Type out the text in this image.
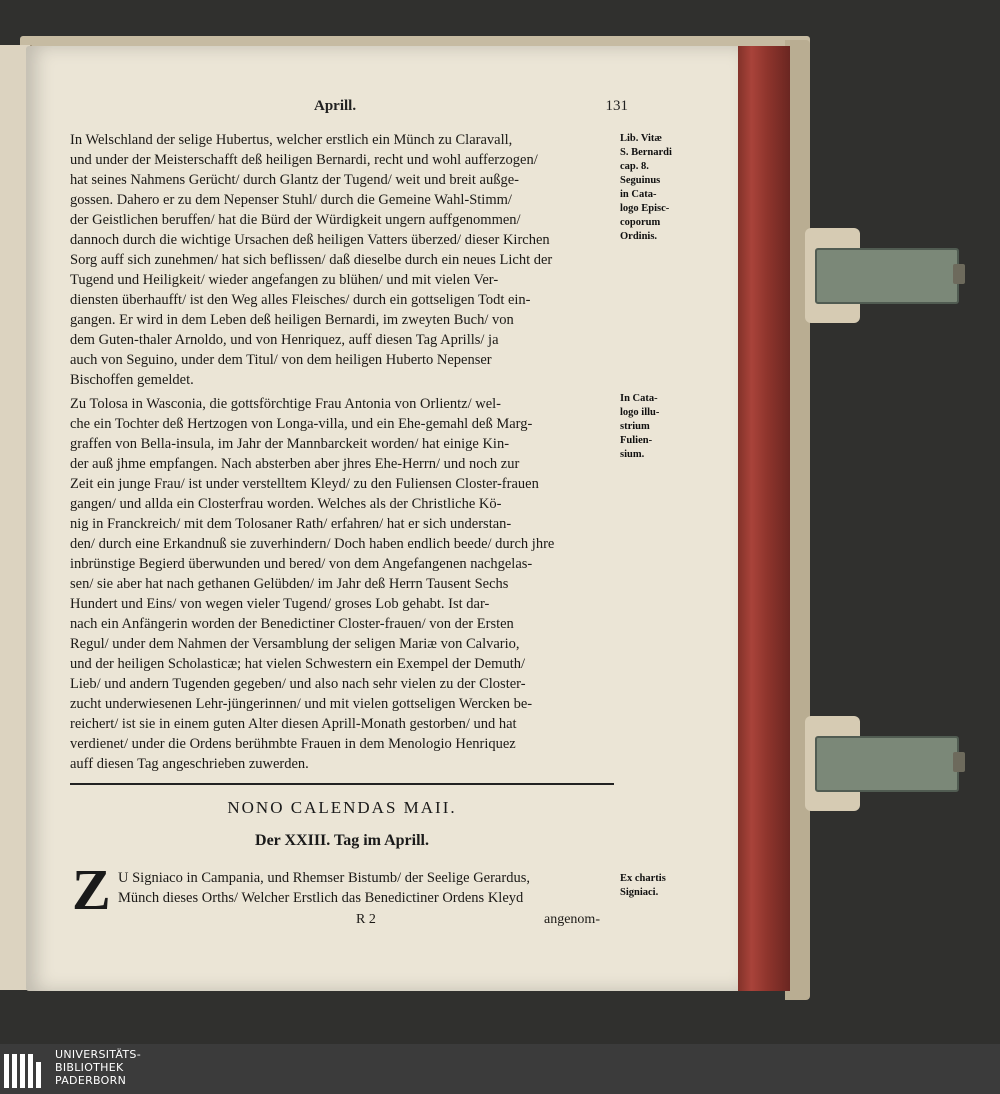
Aprill.	131
In Welschland der selige Hubertus, welcher erstlich ein Münch zu Claravall,
und under der Meisterschafft deß heiligen Bernardi, recht und wohl aufferzogen/
hat seines Nahmens Gerücht/ durch Glantz der Tugend/ weit und breit außge-
gossen. Dahero er zu dem Nepenser Stuhl/ durch die Gemeine Wahl-Stimm/
der Geistlichen beruffen/ hat die Bürd der Würdigkeit ungern auffgenommen/
dannoch durch die wichtige Ursachen deß heiligen Vatters überzed/ dieser Kirchen
Sorg auff sich zunehmen/ hat sich beflissen/ daß dieselbe durch ein neues Licht der
Tugend und Heiligkeit/ wieder angefangen zu blühen/ und mit vielen Ver-
diensten überhaufft/ ist den Weg alles Fleisches/ durch ein gottseligen Todt ein-
gangen. Er wird in dem Leben deß heiligen Bernardi, im zweyten Buch/ von
dem Guten-thaler Arnoldo, und von Henriquez, auff diesen Tag Aprills/ ja
auch von Seguino, under dem Titul/ von dem heiligen Huberto Nepenser
Bischoffen gemeldet.
Zu Tolosa in Wasconia, die gottsförchtige Frau Antonia von Orlientz/ wel-
che ein Tochter deß Hertzogen von Longa-villa, und ein Ehe-gemahl deß Marg-
graffen von Bella-insula, im Jahr der Mannbarckeit worden/ hat einige Kin-
der auß jhme empfangen. Nach absterben aber jhres Ehe-Herrn/ und noch zur
Zeit ein junge Frau/ ist under verstelltem Kleyd/ zu den Fuliensen Closter-frauen
gangen/ und allda ein Closterfrau worden. Welches als der Christliche Kö-
nig in Franckreich/ mit dem Tolosaner Rath/ erfahren/ hat er sich understan-
den/ durch eine Erkandnuß sie zuverhindern/ Doch haben endlich beede/ durch jhre
inbrünstige Begierd überwunden und bered/ von dem Angefangenen nachgelas-
sen/ sie aber hat nach gethanen Gelübden/ im Jahr deß Herrn Tausent Sechs
Hundert und Eins/ von wegen vieler Tugend/ groses Lob gehabt. Ist dar-
nach ein Anfängerin worden der Benedictiner Closter-frauen/ von der Ersten
Regul/ under dem Nahmen der Versamblung der seligen Mariæ von Calvario,
und der heiligen Scholasticæ; hat vielen Schwestern ein Exempel der Demuth/
Lieb/ und andern Tugenden gegeben/ und also nach sehr vielen zu der Closter-
zucht underwiesenen Lehr-jüngerinnen/ und mit vielen gottseligen Wercken be-
reichert/ ist sie in einem guten Alter diesen Aprill-Monath gestorben/ und hat
verdienet/ under die Ordens berühmbte Frauen in dem Menologio Henriquez
auff diesen Tag angeschrieben zuwerden.
Lib. Vitæ
S. Bernardi
cap. 8.
Seguinus
in Cata-
logo Episc-
coporum
Ordinis.
In Cata-
logo illu-
strium
Fulien-
sium.
NONO CALENDAS MAII.
Der XXIII. Tag im Aprill.
Z U Signiaco in Campania, und Rhemser Bistumb/ der Seelige Gerardus,
Münch dieses Orths/ Welcher Erstlich das Benedictiner Ordens Kleyd
Ex chartis
Signiaci.
R 2	angenom-
UNIVERSITÄTS-
BIBLIOTHEK
PADERBORN
